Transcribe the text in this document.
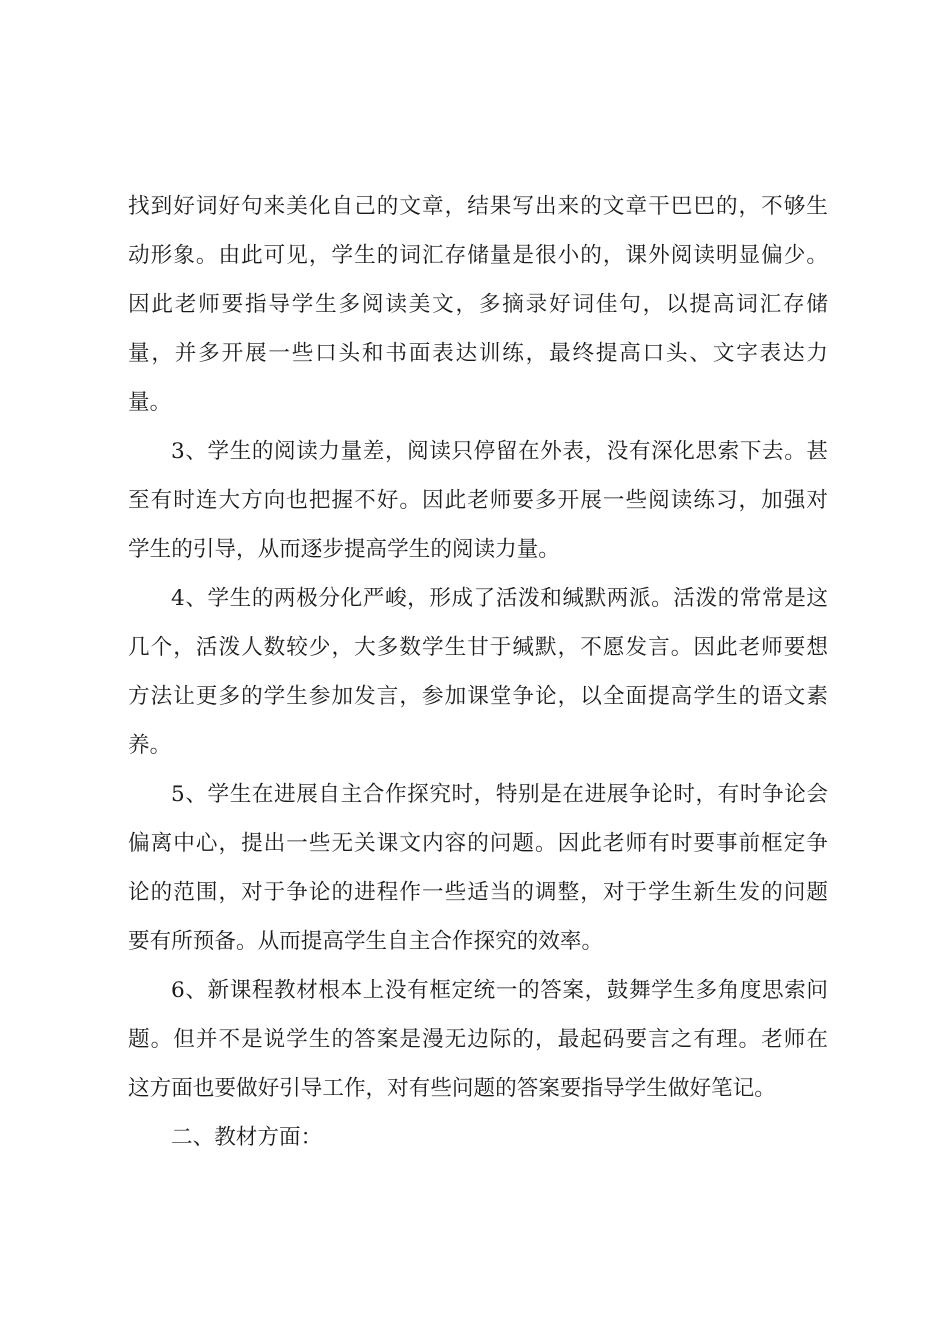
找到好词好句来美化自己的文章，结果写出来的文章干巴巴的，不够生
动形象。由此可见，学生的词汇存储量是很小的，课外阅读明显偏少。
因此老师要指导学生多阅读美文，多摘录好词佳句，以提高词汇存储
量，并多开展一些口头和书面表达训练，最终提高口头、文字表达力
量。
3、学生的阅读力量差，阅读只停留在外表，没有深化思索下去。甚
至有时连大方向也把握不好。因此老师要多开展一些阅读练习，加强对
学生的引导，从而逐步提高学生的阅读力量。
4、学生的两极分化严峻，形成了活泼和缄默两派。活泼的常常是这
几个，活泼人数较少，大多数学生甘于缄默，不愿发言。因此老师要想
方法让更多的学生参加发言，参加课堂争论，以全面提高学生的语文素
养。
5、学生在进展自主合作探究时，特别是在进展争论时，有时争论会
偏离中心，提出一些无关课文内容的问题。因此老师有时要事前框定争
论的范围，对于争论的进程作一些适当的调整，对于学生新生发的问题
要有所预备。从而提高学生自主合作探究的效率。
6、新课程教材根本上没有框定统一的答案，鼓舞学生多角度思索问
题。但并不是说学生的答案是漫无边际的，最起码要言之有理。老师在
这方面也要做好引导工作，对有些问题的答案要指导学生做好笔记。
二、教材方面：
